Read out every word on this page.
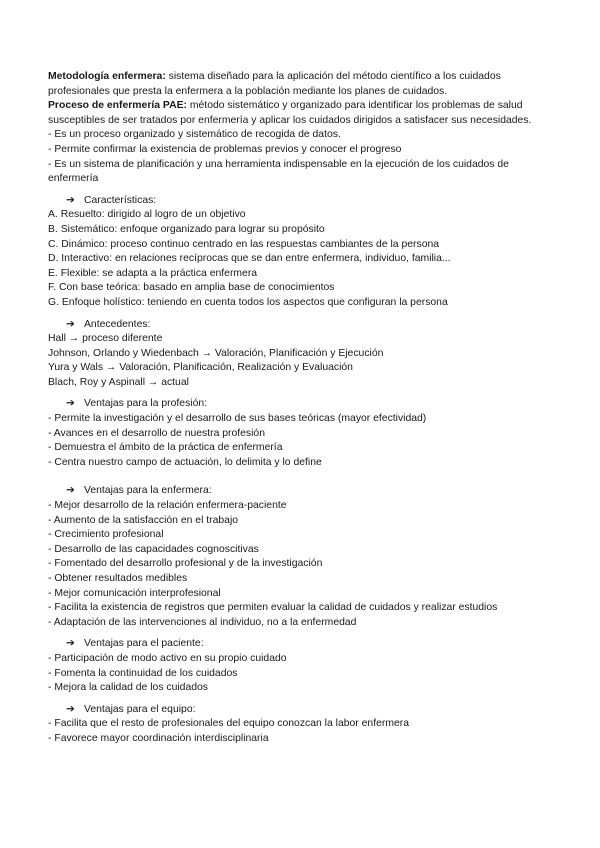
Metodología enfermera: sistema diseñado para la aplicación del método científico a los cuidados profesionales que presta la enfermera a la población mediante los planes de cuidados.

Proceso de enfermería PAE: método sistemático y organizado para identificar los problemas de salud susceptibles de ser tratados por enfermería y aplicar los cuidados dirigidos a satisfacer sus necesidades.

- Es un proceso organizado y sistemático de recogida de datos.

- Permite confirmar la existencia de problemas previos y conocer el progreso

- Es un sistema de planificación y una herramienta indispensable en la ejecución de los cuidados de enfermería

➔ Características:

A. Resuelto: dirigido al logro de un objetivo

B. Sistemático: enfoque organizado para lograr su propósito

C. Dinámico: proceso continuo centrado en las respuestas cambiantes de la persona

D. Interactivo: en relaciones recíprocas que se dan entre enfermera, individuo, familia...

E. Flexible: se adapta a la práctica enfermera

F. Con base teórica: basado en amplia base de conocimientos

G. Enfoque holístico: teniendo en cuenta todos los aspectos que configuran la persona

➔ Antecedentes:

Hall → proceso diferente

Johnson, Orlando y Wiedenbach → Valoración, Planificación y Ejecución

Yura y Wals → Valoración, Planificación, Realización y Evaluación

Blach, Roy y Aspinall → actual

➔ Ventajas para la profesión:

- Permite la investigación y el desarrollo de sus bases teóricas (mayor efectividad)

- Avances en el desarrollo de nuestra profesión

- Demuestra el ámbito de la práctica de enfermería

- Centra nuestro campo de actuación, lo delimita y lo define

➔ Ventajas para la enfermera:

- Mejor desarrollo de la relación enfermera-paciente

- Aumento de la satisfacción en el trabajo

- Crecimiento profesional

- Desarrollo de las capacidades cognoscitivas

- Fomentado del desarrollo profesional y de la investigación

- Obtener resultados medibles

- Mejor comunicación interprofesional

- Facilita la existencia de registros que permiten evaluar la calidad de cuidados y realizar estudios

- Adaptación de las intervenciones al individuo, no a la enfermedad

➔ Ventajas para el paciente:

- Participación de modo activo en su propio cuidado

- Fomenta la continuidad de los cuidados

- Mejora la calidad de los cuidados

➔ Ventajas para el equipo:

- Facilita que el resto de profesionales del equipo conozcan la labor enfermera

- Favorece mayor coordinación interdisciplinaria
